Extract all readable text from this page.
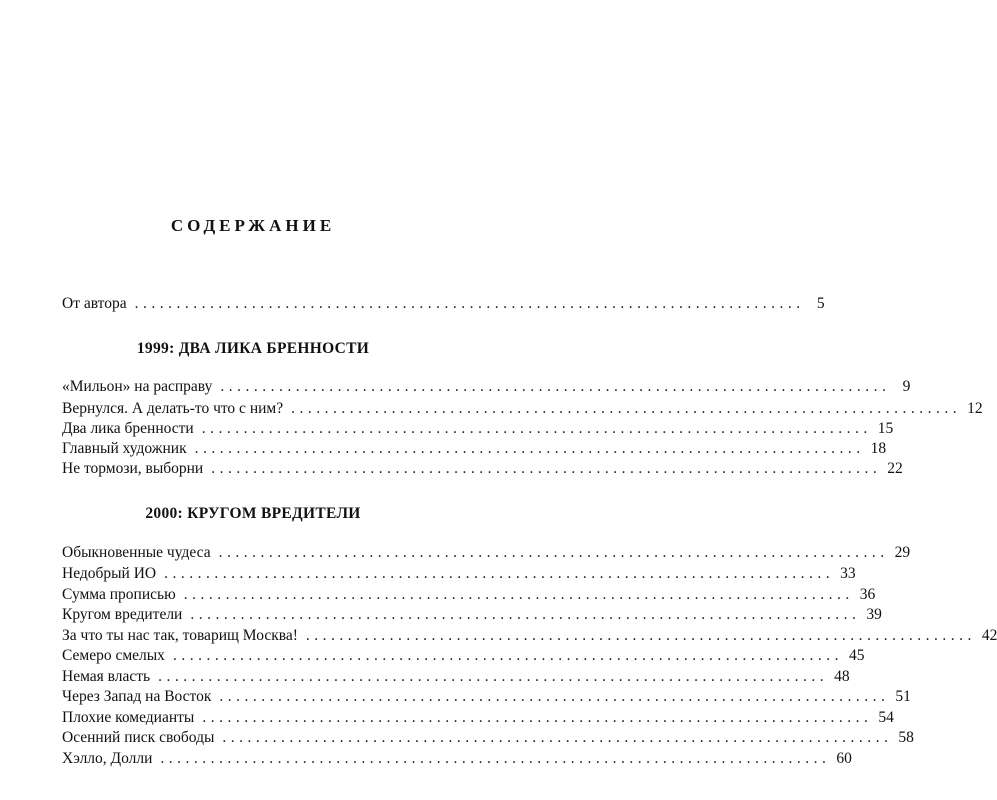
СОДЕРЖАНИЕ
От автора ................................................................................ 5
1999: ДВА ЛИКА БРЕННОСТИ
«Мильон» на расправу ................................................................................ 9
Вернулся. А делать-то что с ним? ................................................................................ 12
Два лика бренности ................................................................................ 15
Главный художник ................................................................................ 18
Не тормози, выборни ................................................................................ 22
2000: КРУГОМ ВРЕДИТЕЛИ
Обыкновенные чудеса ................................................................................ 29
Недобрый ИО ................................................................................ 33
Сумма прописью ................................................................................ 36
Кругом вредители ................................................................................ 39
За что ты нас так, товарищ Москва! ................................................................................ 42
Семеро смелых ................................................................................ 45
Немая власть ................................................................................ 48
Через Запад на Восток ................................................................................ 51
Плохие комедианты ................................................................................ 54
Осенний писк свободы ................................................................................ 58
Хэлло, Долли ................................................................................ 60
